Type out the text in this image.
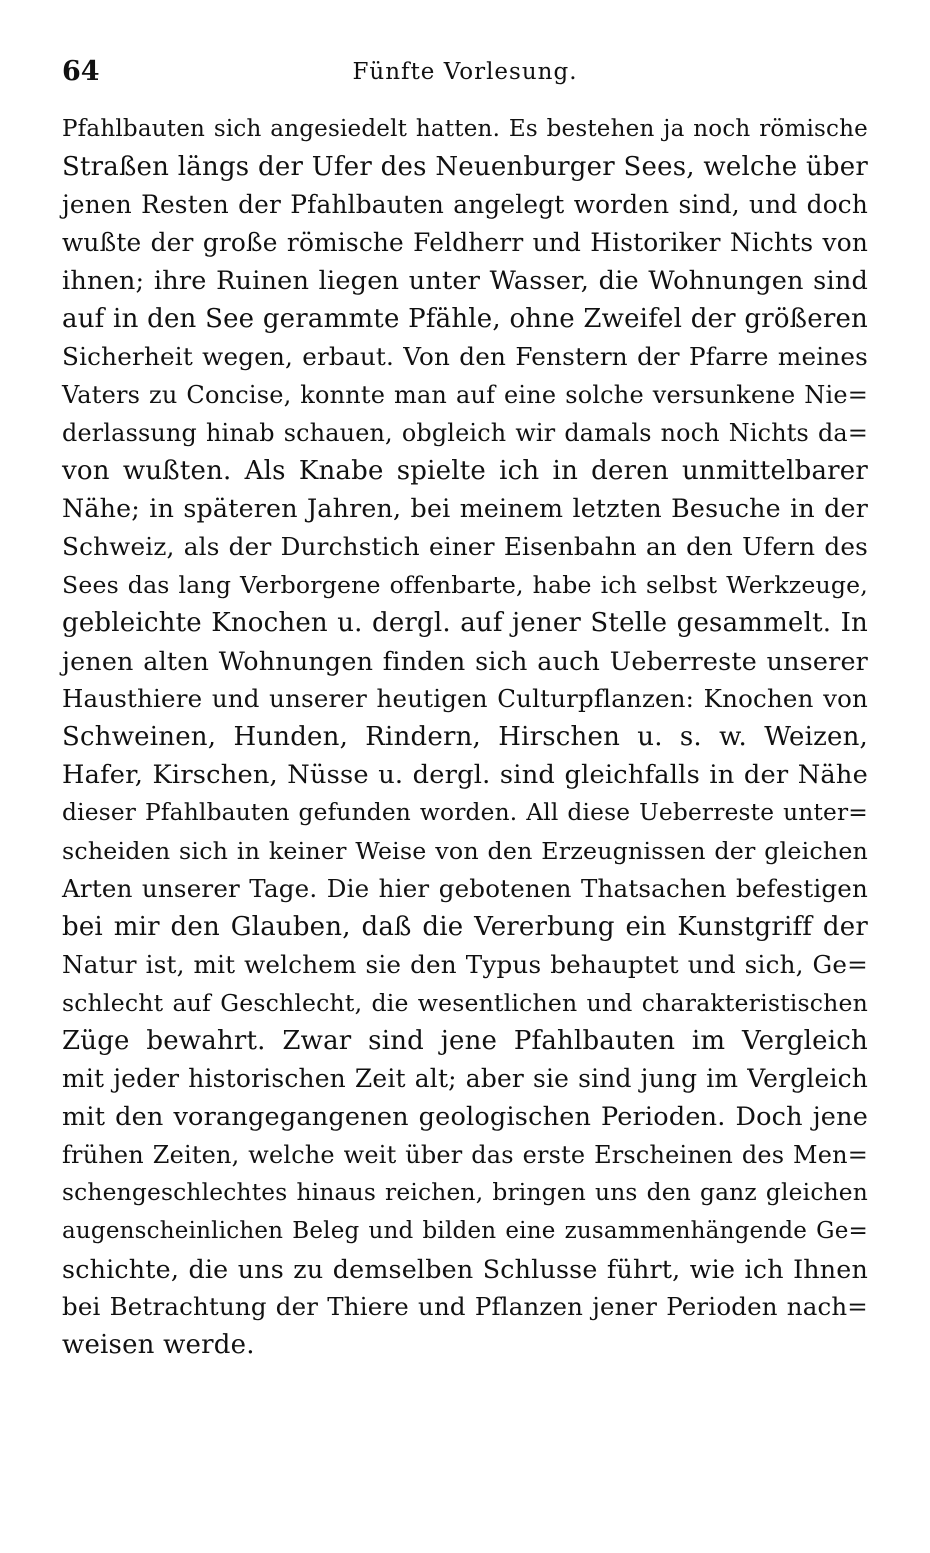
64	Fünfte Vorlesung.
Pfahlbauten sich angesiedelt hatten. Es bestehen ja noch römische
Straßen längs der Ufer des Neuenburger Sees, welche über
jenen Resten der Pfahlbauten angelegt worden sind, und doch
wußte der große römische Feldherr und Historiker Nichts von
ihnen; ihre Ruinen liegen unter Wasser, die Wohnungen sind
auf in den See gerammte Pfähle, ohne Zweifel der größeren
Sicherheit wegen, erbaut. Von den Fenstern der Pfarre meines
Vaters zu Concise, konnte man auf eine solche versunkene Nie=
derlassung hinab schauen, obgleich wir damals noch Nichts da=
von wußten. Als Knabe spielte ich in deren unmittelbarer
Nähe; in späteren Jahren, bei meinem letzten Besuche in der
Schweiz, als der Durchstich einer Eisenbahn an den Ufern des
Sees das lang Verborgene offenbarte, habe ich selbst Werkzeuge,
gebleichte Knochen u. dergl. auf jener Stelle gesammelt. In
jenen alten Wohnungen finden sich auch Ueberreste unserer
Hausthiere und unserer heutigen Culturpflanzen: Knochen von
Schweinen, Hunden, Rindern, Hirschen u. s. w. Weizen,
Hafer, Kirschen, Nüsse u. dergl. sind gleichfalls in der Nähe
dieser Pfahlbauten gefunden worden. All diese Ueberreste unter=
scheiden sich in keiner Weise von den Erzeugnissen der gleichen
Arten unserer Tage. Die hier gebotenen Thatsachen befestigen
bei mir den Glauben, daß die Vererbung ein Kunstgriff der
Natur ist, mit welchem sie den Typus behauptet und sich, Ge=
schlecht auf Geschlecht, die wesentlichen und charakteristischen
Züge bewahrt. Zwar sind jene Pfahlbauten im Vergleich
mit jeder historischen Zeit alt; aber sie sind jung im Vergleich
mit den vorangegangenen geologischen Perioden. Doch jene
frühen Zeiten, welche weit über das erste Erscheinen des Men=
schengeschlechtes hinaus reichen, bringen uns den ganz gleichen
augenscheinlichen Beleg und bilden eine zusammenhängende Ge=
schichte, die uns zu demselben Schlusse führt, wie ich Ihnen
bei Betrachtung der Thiere und Pflanzen jener Perioden nach=
weisen werde.
